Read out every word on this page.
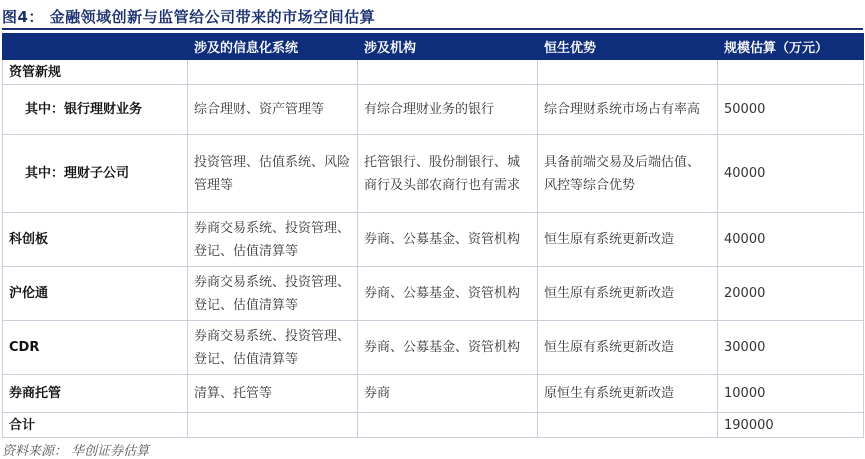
图4： 金融领域创新与监管给公司带来的市场空间估算
	涉及的信息化系统	涉及机构	恒生优势	规模估算（万元）
资管新规				
其中：银行理财业务	综合理财、资产管理等	有综合理财业务的银行	综合理财系统市场占有率高	50000
其中：理财子公司	投资管理、估值系统、风险管理等	托管银行、股份制银行、城商行及头部农商行也有需求	具备前端交易及后端估值、风控等综合优势	40000
科创板	券商交易系统、投资管理、登记、估值清算等	券商、公募基金、资管机构	恒生原有系统更新改造	40000
沪伦通	券商交易系统、投资管理、登记、估值清算等	券商、公募基金、资管机构	恒生原有系统更新改造	20000
CDR	券商交易系统、投资管理、登记、估值清算等	券商、公募基金、资管机构	恒生原有系统更新改造	30000
券商托管	清算、托管等	券商	原恒生有系统更新改造	10000
合计				190000
资料来源： 华创证券估算
